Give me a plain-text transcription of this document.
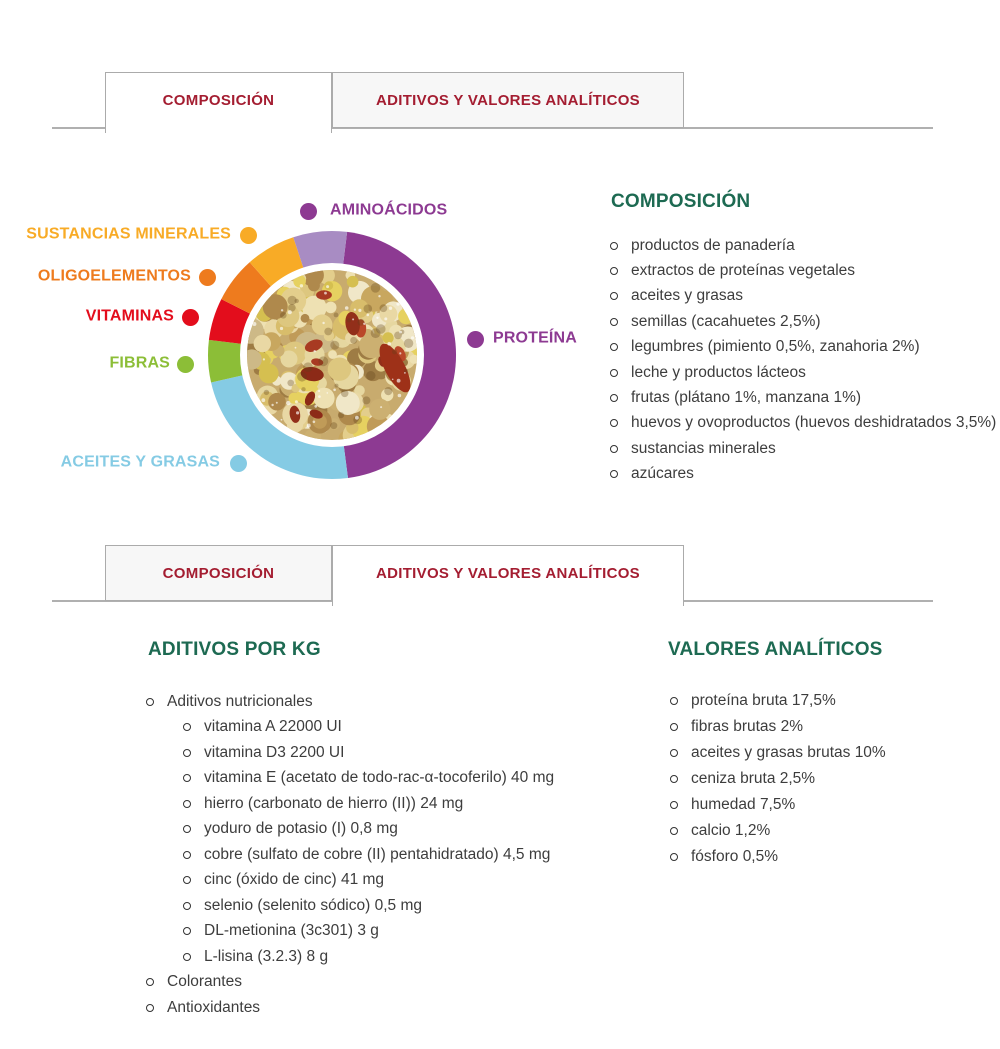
COMPOSICIÓN	ADITIVOS Y VALORES ANALÍTICOS
PROTEÍNA
ACEITES Y GRASAS
FIBRAS
VITAMINAS
OLIGOELEMENTOS
SUSTANCIAS MINERALES
AMINOÁCIDOS	COMPOSICIÓN
productos de panadería
extractos de proteínas vegetales
aceites y grasas
semillas (cacahuetes 2,5%)
legumbres (pimiento 0,5%, zanahoria 2%)
leche y productos lácteos
frutas (plátano 1%, manzana 1%)
huevos y ovoproductos (huevos deshidratados 3,5%)
sustancias minerales
azúcares
COMPOSICIÓN	ADITIVOS Y VALORES ANALÍTICOS
ADITIVOS POR KG
Aditivos nutricionales
vitamina A 22000 UI
vitamina D3 2200 UI
vitamina E (acetato de todo-rac-α-tocoferilo) 40 mg
hierro (carbonato de hierro (II)) 24 mg
yoduro de potasio (I) 0,8 mg
cobre (sulfato de cobre (II) pentahidratado) 4,5 mg
cinc (óxido de cinc) 41 mg
selenio (selenito sódico) 0,5 mg
DL-metionina (3c301) 3 g
L-lisina (3.2.3) 8 g
Colorantes
Antioxidantes
VALORES ANALÍTICOS
proteína bruta 17,5%
fibras brutas 2%
aceites y grasas brutas 10%
ceniza bruta 2,5%
humedad 7,5%
calcio 1,2%
fósforo 0,5%
